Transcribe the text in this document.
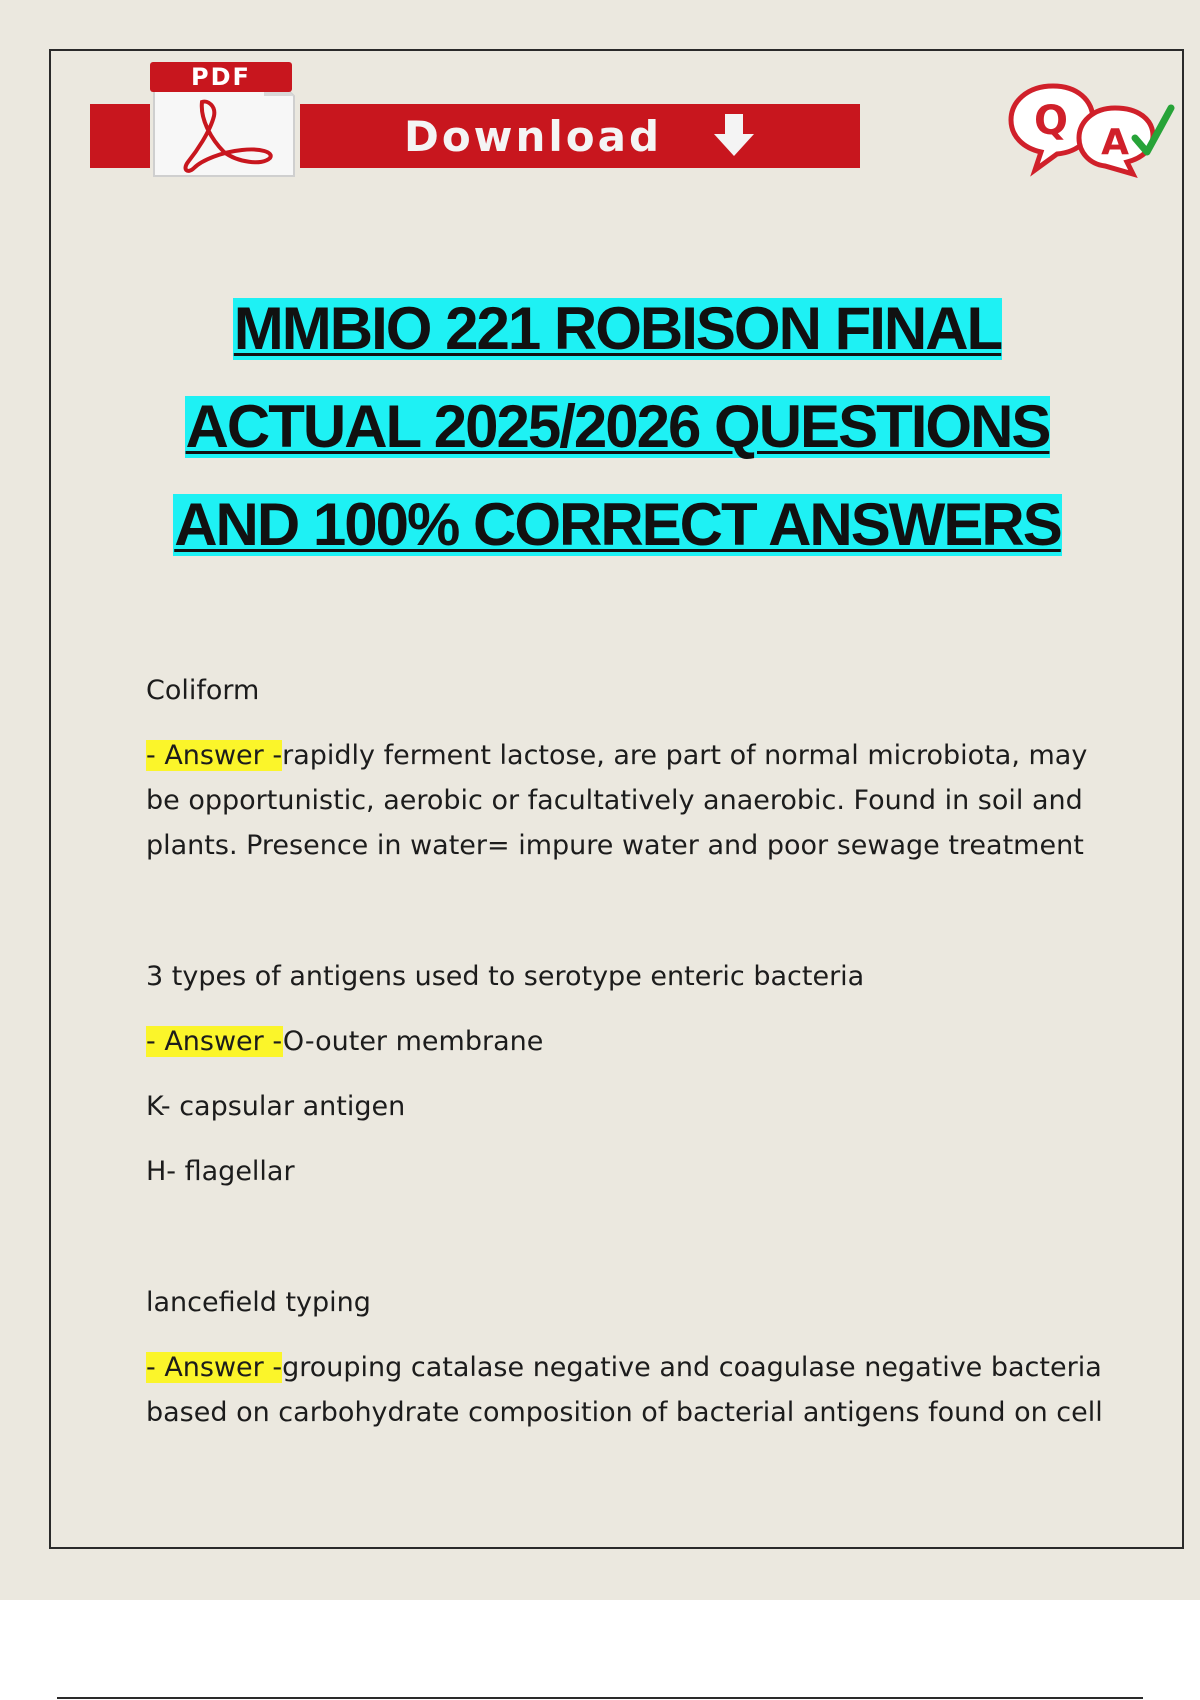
Download
PDF
Q A
MMBIO 221 ROBISON FINAL
ACTUAL 2025/2026 QUESTIONS
AND 100% CORRECT ANSWERS

Coliform

- Answer -rapidly ferment lactose, are part of normal microbiota, may be opportunistic, aerobic or facultatively anaerobic. Found in soil and plants. Presence in water= impure water and poor sewage treatment

3 types of antigens used to serotype enteric bacteria

- Answer -O-outer membrane

K- capsular antigen

H- flagellar

lancefield typing

- Answer -grouping catalase negative and coagulase negative bacteria based on carbohydrate composition of bacterial antigens found on cell
